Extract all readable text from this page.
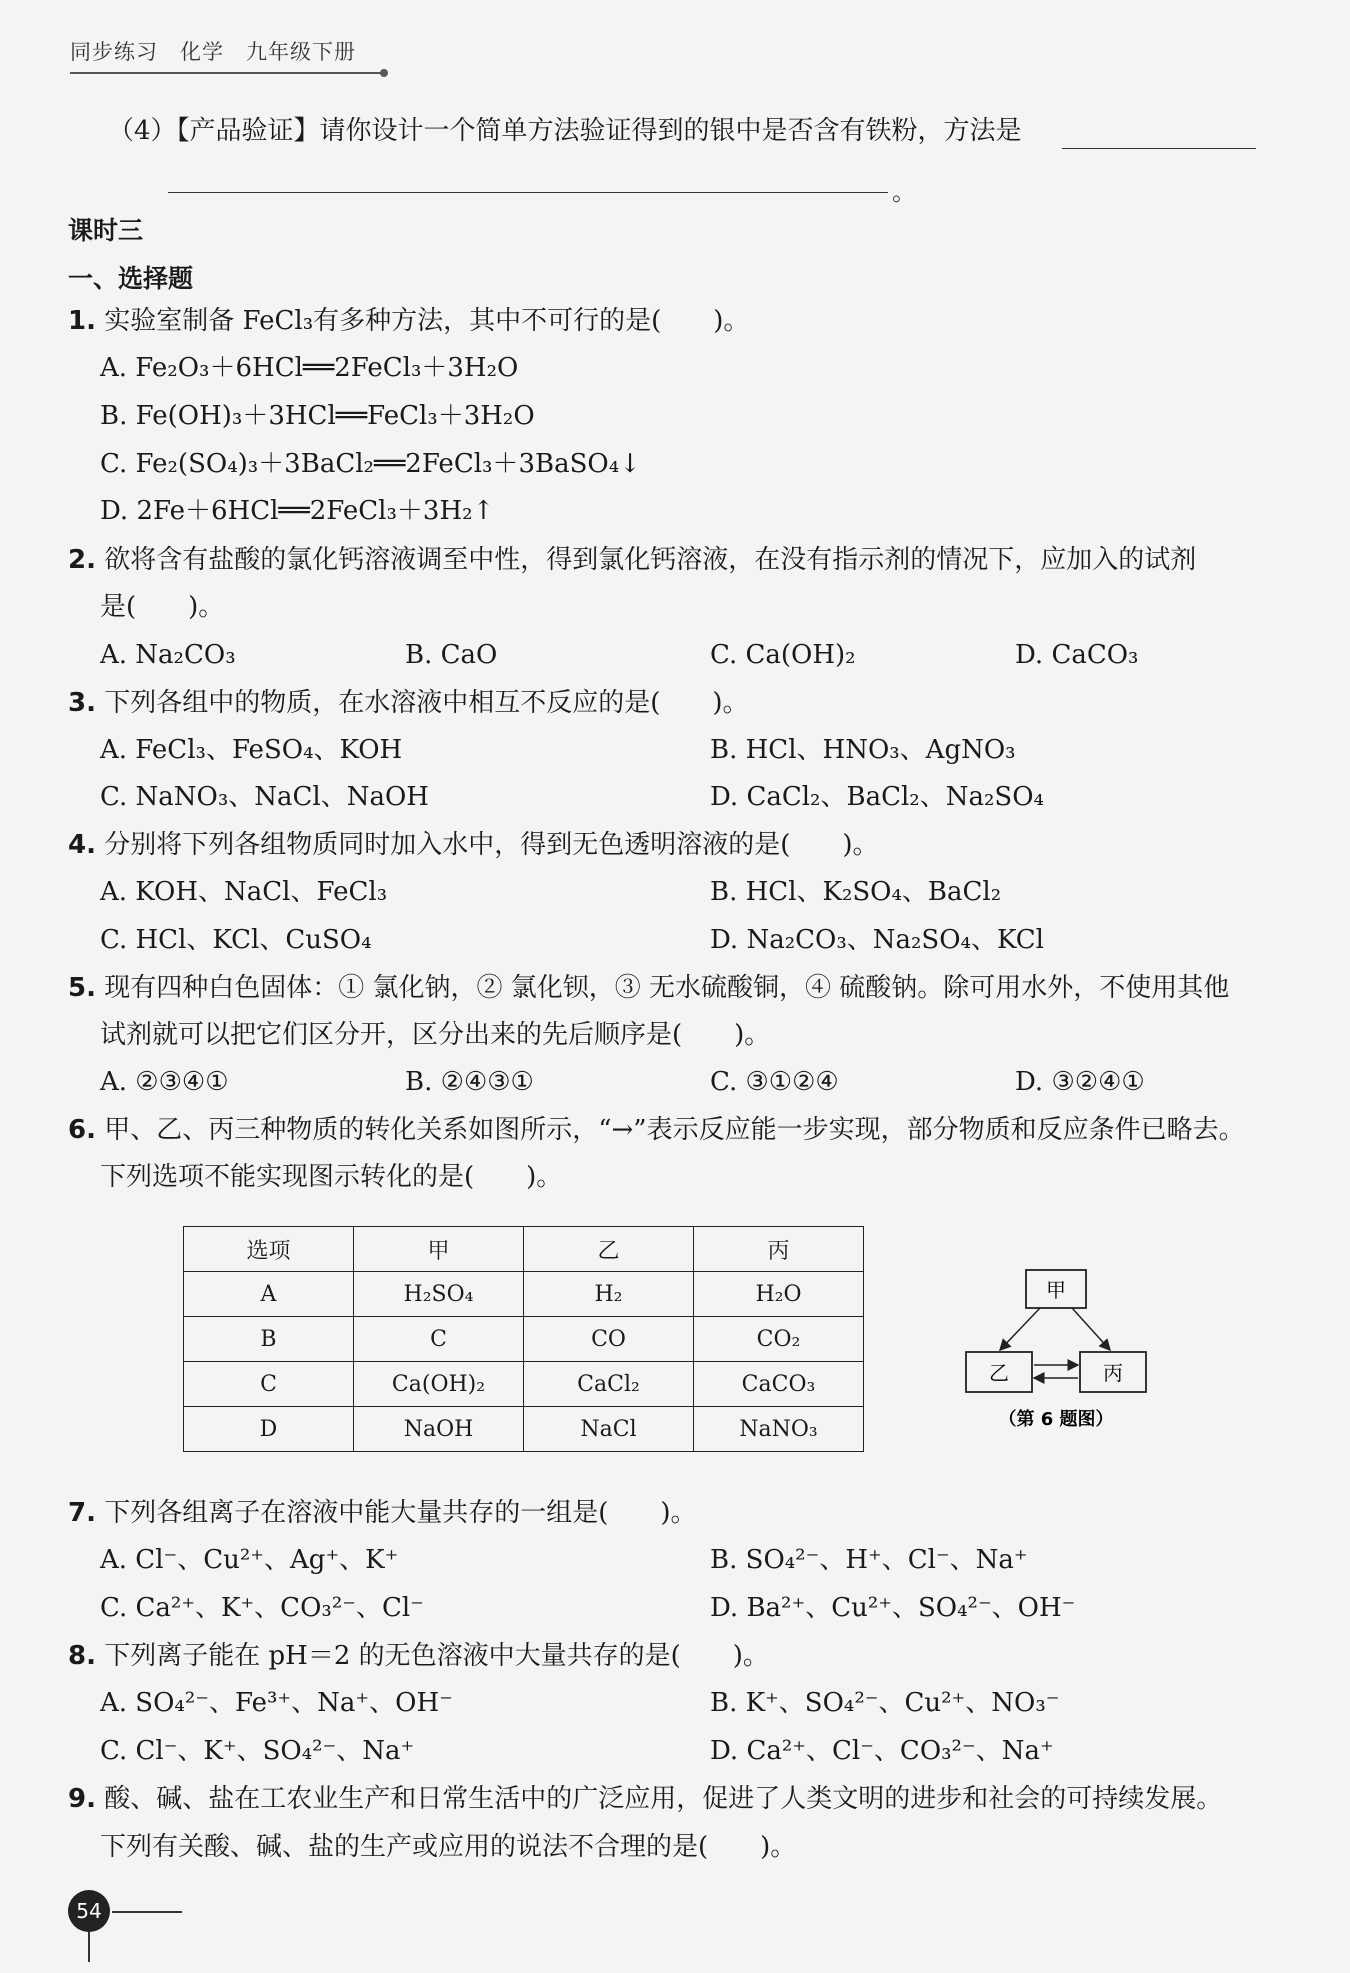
同步练习　化学　九年级下册
（4）【产品验证】请你设计一个简单方法验证得到的银中是否含有铁粉，方法是
。
课时三
一、选择题
1. 实验室制备 FeCl₃有多种方法，其中不可行的是(　　)。
A. Fe₂O₃＋6HCl══2FeCl₃＋3H₂O
B. Fe(OH)₃＋3HCl══FeCl₃＋3H₂O
C. Fe₂(SO₄)₃＋3BaCl₂══2FeCl₃＋3BaSO₄↓
D. 2Fe＋6HCl══2FeCl₃＋3H₂↑
2. 欲将含有盐酸的氯化钙溶液调至中性，得到氯化钙溶液，在没有指示剂的情况下，应加入的试剂
是(　　)。
A. Na₂CO₃	B. CaO	C. Ca(OH)₂	D. CaCO₃
3. 下列各组中的物质，在水溶液中相互不反应的是(　　)。
A. FeCl₃、FeSO₄、KOH	B. HCl、HNO₃、AgNO₃
C. NaNO₃、NaCl、NaOH	D. CaCl₂、BaCl₂、Na₂SO₄
4. 分别将下列各组物质同时加入水中，得到无色透明溶液的是(　　)。
A. KOH、NaCl、FeCl₃	B. HCl、K₂SO₄、BaCl₂
C. HCl、KCl、CuSO₄	D. Na₂CO₃、Na₂SO₄、KCl
5. 现有四种白色固体：① 氯化钠，② 氯化钡，③ 无水硫酸铜，④ 硫酸钠。除可用水外，不使用其他
试剂就可以把它们区分开，区分出来的先后顺序是(　　)。
A. ②③④①	B. ②④③①	C. ③①②④	D. ③②④①
6. 甲、乙、丙三种物质的转化关系如图所示，“→”表示反应能一步实现，部分物质和反应条件已略去。
下列选项不能实现图示转化的是(　　)。
选项	甲	乙	丙
A	H₂SO₄	H₂	H₂O
B	C	CO	CO₂
C	Ca(OH)₂	CaCl₂	CaCO₃
D	NaOH	NaCl	NaNO₃
甲
乙	丙
（第 6 题图）
7. 下列各组离子在溶液中能大量共存的一组是(　　)。
A. Cl⁻、Cu²⁺、Ag⁺、K⁺	B. SO₄²⁻、H⁺、Cl⁻、Na⁺
C. Ca²⁺、K⁺、CO₃²⁻、Cl⁻	D. Ba²⁺、Cu²⁺、SO₄²⁻、OH⁻
8. 下列离子能在 pH＝2 的无色溶液中大量共存的是(　　)。
A. SO₄²⁻、Fe³⁺、Na⁺、OH⁻	B. K⁺、SO₄²⁻、Cu²⁺、NO₃⁻
C. Cl⁻、K⁺、SO₄²⁻、Na⁺	D. Ca²⁺、Cl⁻、CO₃²⁻、Na⁺
9. 酸、碱、盐在工农业生产和日常生活中的广泛应用，促进了人类文明的进步和社会的可持续发展。
下列有关酸、碱、盐的生产或应用的说法不合理的是(　　)。
54
